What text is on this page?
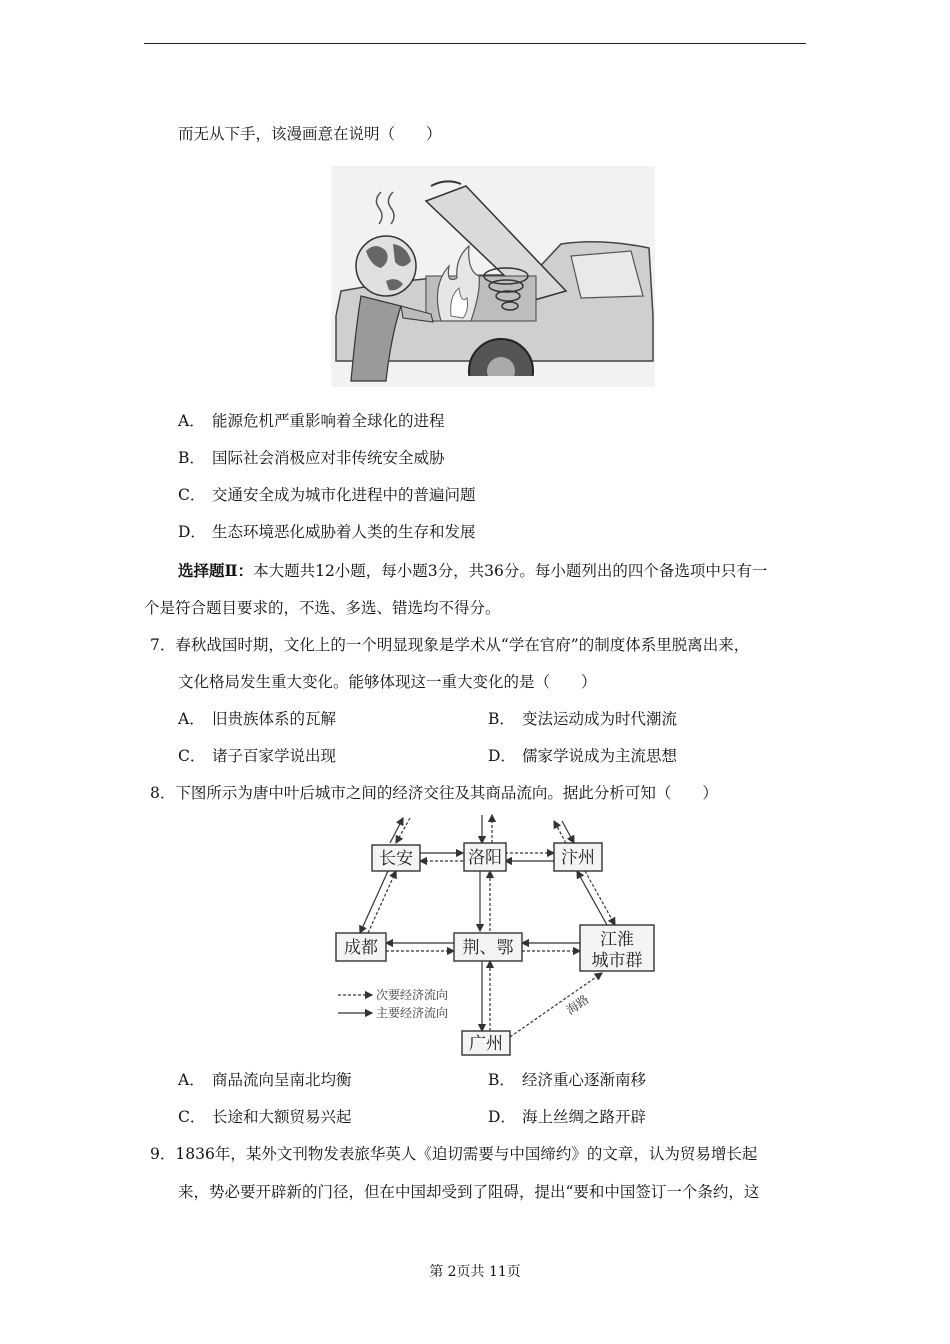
而无从下手，该漫画意在说明（　　）
A． 能源危机严重影响着全球化的进程
B． 国际社会消极应对非传统安全威胁
C． 交通安全成为城市化进程中的普遍问题
D． 生态环境恶化威胁着人类的生存和发展
选择题Ⅱ：本大题共12小题，每小题3分，共36分。每小题列出的四个备选项中只有一
个是符合题目要求的，不选、多选、错选均不得分。
7．春秋战国时期，文化上的一个明显现象是学术从“学在官府”的制度体系里脱离出来，
文化格局发生重大变化。能够体现这一重大变化的是（　　）
A． 旧贵族体系的瓦解	B． 变法运动成为时代潮流
C． 诸子百家学说出现	D． 儒家学说成为主流思想
8．下图所示为唐中叶后城市之间的经济交往及其商品流向。据此分析可知（　　）
长安	洛阳	汴州
成都	荆、鄂	江淮
城市群
广州
海路
次要经济流向
主要经济流向
A． 商品流向呈南北均衡	B． 经济重心逐渐南移
C． 长途和大额贸易兴起	D． 海上丝绸之路开辟
9．1836年，某外文刊物发表旅华英人《迫切需要与中国缔约》的文章，认为贸易增长起
来，势必要开辟新的门径，但在中国却受到了阻碍，提出“要和中国签订一个条约，这
第 2页共 11页
